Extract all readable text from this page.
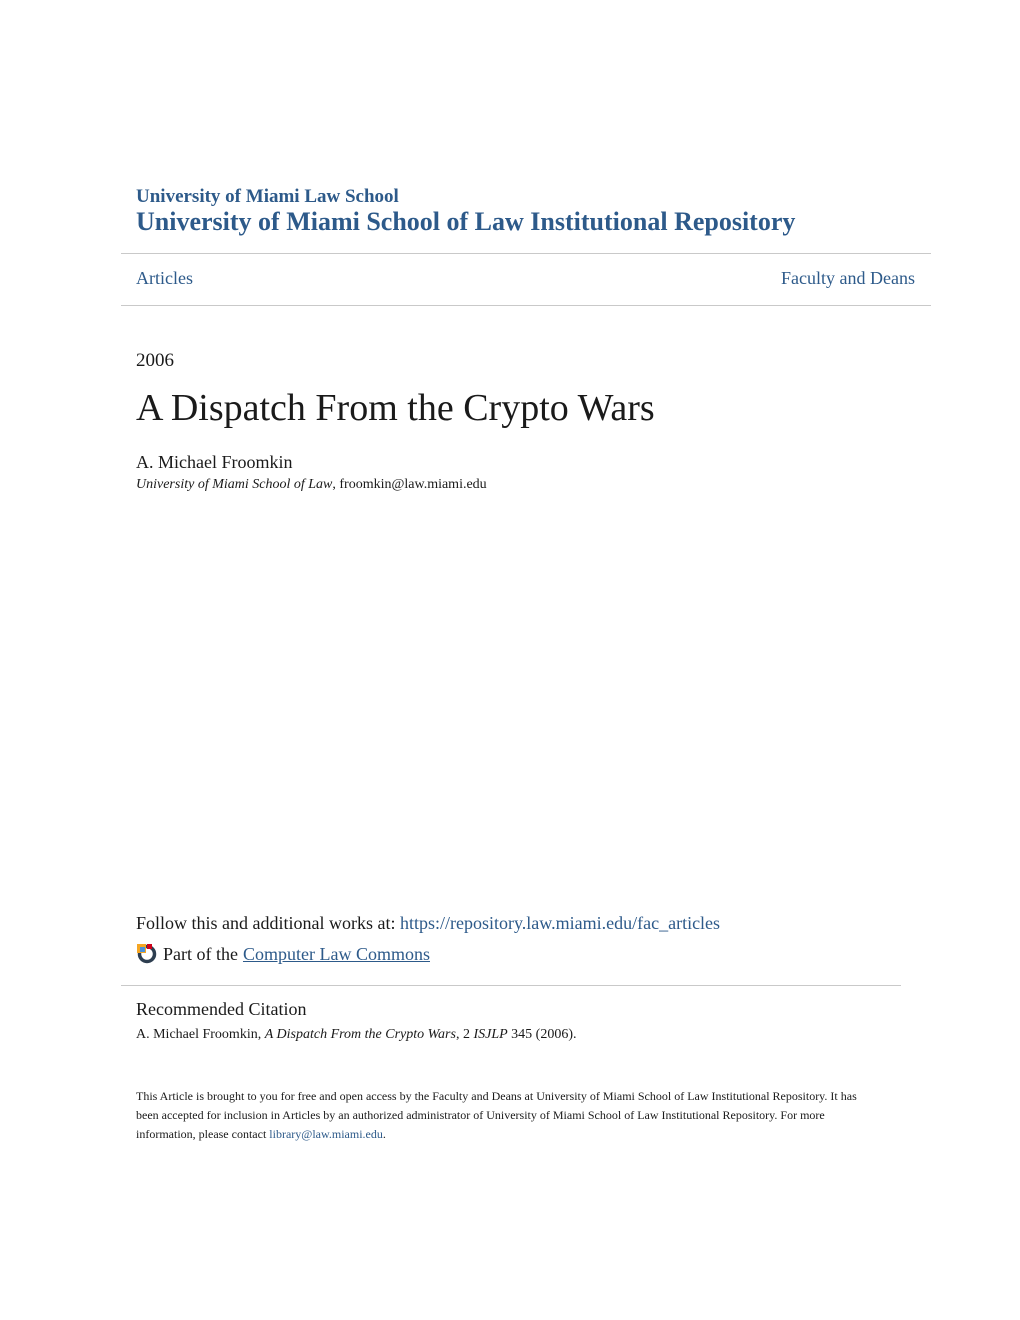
University of Miami Law School
University of Miami School of Law Institutional Repository
Articles	Faculty and Deans
2006
A Dispatch From the Crypto Wars
A. Michael Froomkin
University of Miami School of Law, froomkin@law.miami.edu
Follow this and additional works at: https://repository.law.miami.edu/fac_articles
Part of the Computer Law Commons
Recommended Citation
A. Michael Froomkin, A Dispatch From the Crypto Wars, 2 ISJLP 345 (2006).
This Article is brought to you for free and open access by the Faculty and Deans at University of Miami School of Law Institutional Repository. It has been accepted for inclusion in Articles by an authorized administrator of University of Miami School of Law Institutional Repository. For more information, please contact library@law.miami.edu.
